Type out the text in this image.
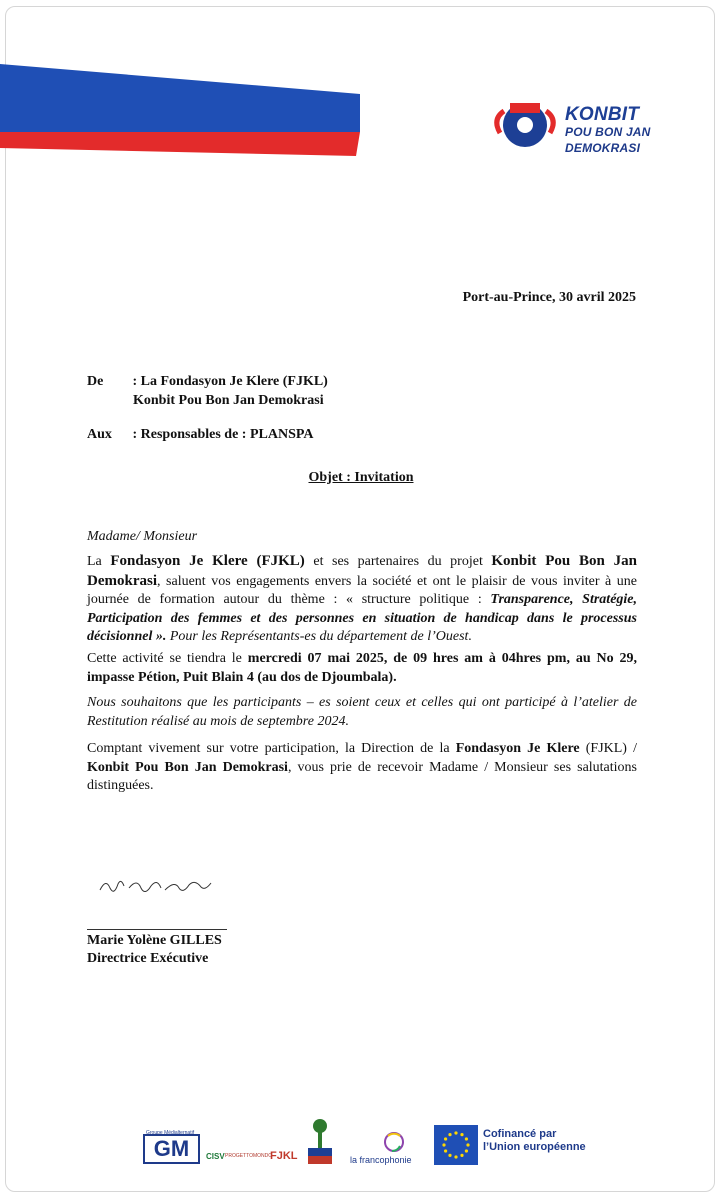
KONBIT
POU BON JAN
DEMOKRASI
Port-au-Prince, 30 avril 2025
De : La Fondasyon Je Klere (FJKL)
Konbit Pou Bon Jan Demokrasi
Aux : Responsables de : PLANSPA
Objet : Invitation
Madame/ Monsieur
La Fondasyon Je Klere (FJKL) et ses partenaires du projet Konbit Pou Bon Jan Demokrasi, saluent vos engagements envers la société et ont le plaisir de vous inviter à une journée de formation autour du thème : « structure politique : Transparence, Stratégie, Participation des femmes et des personnes en situation de handicap dans le processus décisionnel ». Pour les Représentants-es du département de l’Ouest.
Cette activité se tiendra le mercredi 07 mai 2025, de 09 hres am à 04hres pm, au No 29, impasse Pétion, Puit Blain 4 (au dos de Djoumbala).
Nous souhaitons que les participants – es soient ceux et celles qui ont participé à l’atelier de Restitution réalisé au mois de septembre 2024.
Comptant vivement sur votre participation, la Direction de la Fondasyon Je Klere (FJKL) / Konbit Pou Bon Jan Demokrasi, vous prie de recevoir Madame / Monsieur ses salutations distinguées.
Marie Yolène GILLES
Directrice Exécutive
Groupe Médialternatif
GM	CISV PROGETTOMONDO
FJKL	la francophonie
Cofinancé par
l’Union européenne
